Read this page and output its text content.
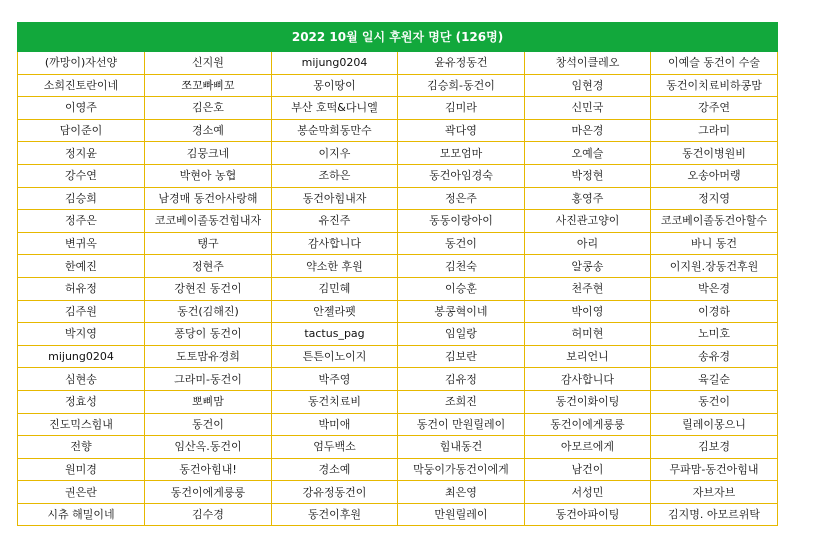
2022 10월 일시 후원자 명단 (126명)					
(까망이)자선양	신지원	mijung0204	윤유정동건	창석이클레오	이예슬 동건이 수술
소희진토란이네	쪼꼬빠삐꼬	몽이땅이	김승희-동건이	임현경	동건이치료비하콩맘
이영주	김은호	부산 호떡&다니엘	김미라	신민국	강주연
담이준이	경소예	봉순막희동만수	곽다영	마은경	그라미
정지윤	김뭉크네	이지우	모모엄마	오예슬	동건이병원비
강수연	박현아 농협	조하은	동건아임경숙	박정현	오송아머랭
김승희	남경매 동건아사랑해	동건아힘내자	정은주	홍영주	정지영
정주은	코코베이졸동건힘내자	유진주	동동이랑아이	사진관고양이	코코베이졸동건아할수
변귀옥	탱구	감사합니다	동건이	아리	바니 동건
한예진	정현주	약소한 후원	김천숙	알콩송	이지원.장동건후원
허유정	강현진 동건이	김민혜	이승훈	천주현	박은경
김주원	동건(김해진)	안젤라펫	봉콩혁이네	박이영	이경하
박지영	퐁당이 동건이	tactus_pag	임일랑	허미현	노미호
mijung0204	도토맘유경희	튼튼이노이지	김보란	보리언니	송유경
심현송	그라미-동건이	박주영	김유정	감사합니다	육길순
정효성	뽀삐맘	동건치료비	조희진	동건이화이팅	동건이
진도믹스힘내	동건이	박미애	동건이 만원릴레이	동건이에게룽룽	릴레이몽으니
전향	임산옥.동건이	엄두백소	힘내동건	아모르에게	김보경
원미경	동건아힘내!	경소예	막둥이가동건이에게	남건이	무파맘-동건아힘내
권은란	동건이에게룽룽	강유정동건이	최은영	서성민	자브자브
시츄 해밀이네	김수경	동건이후원	만원릴레이	동건아파이팅	김지명. 아모르위탁
